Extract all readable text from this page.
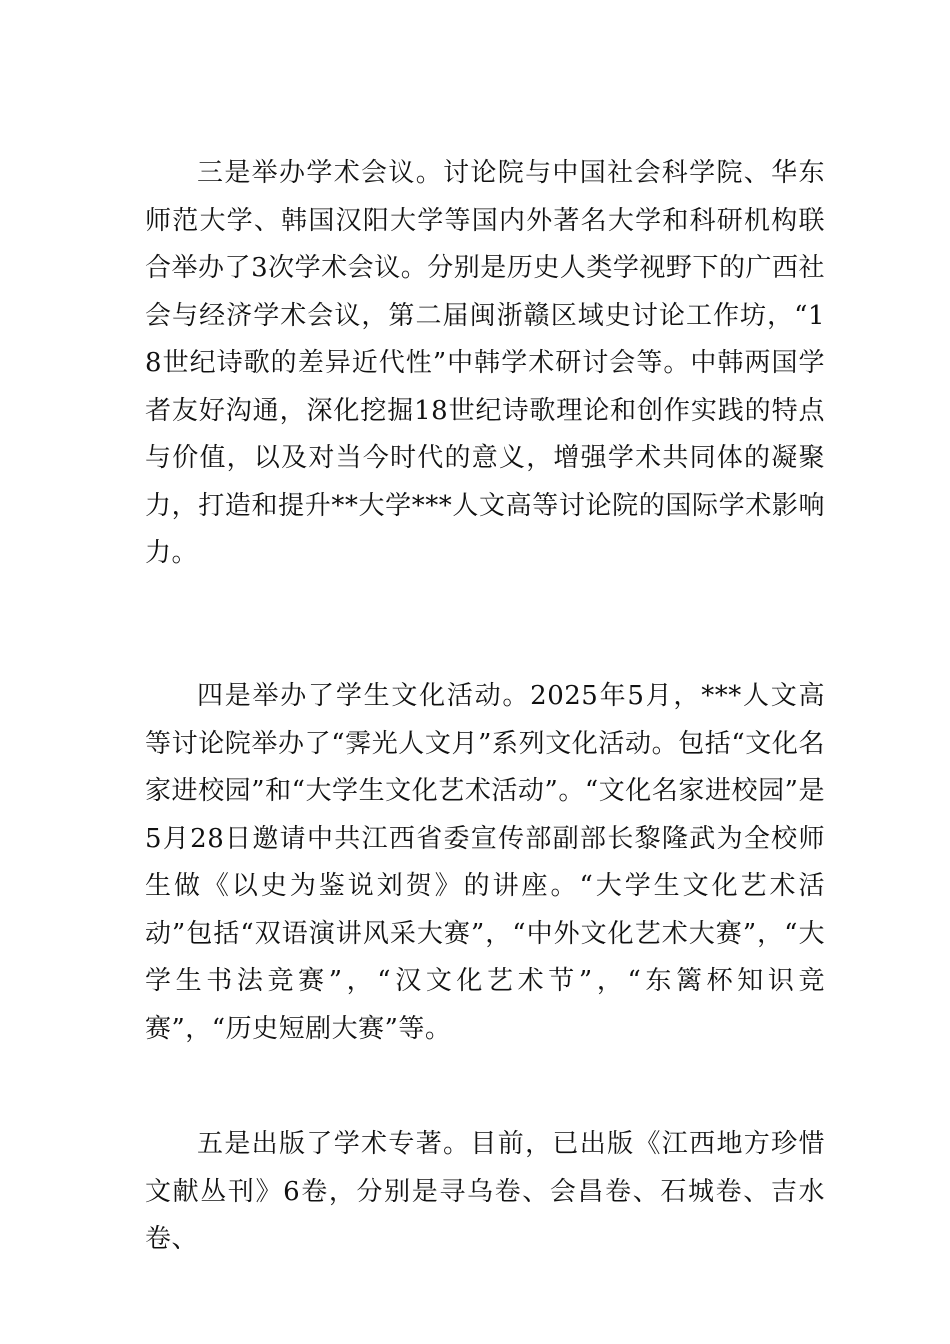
三是举办学术会议。讨论院与中国社会科学院、华东师范大学、韩国汉阳大学等国内外著名大学和科研机构联合举办了3次学术会议。分别是历史人类学视野下的广西社会与经济学术会议，第二届闽浙赣区域史讨论工作坊，“18世纪诗歌的差异近代性”中韩学术研讨会等。中韩两国学者友好沟通，深化挖掘18世纪诗歌理论和创作实践的特点与价值，以及对当今时代的意义，增强学术共同体的凝聚力，打造和提升**大学***人文高等讨论院的国际学术影响力。

四是举办了学生文化活动。2025年5月，***人文高等讨论院举办了“霁光人文月”系列文化活动。包括“文化名家进校园”和“大学生文化艺术活动”。“文化名家进校园”是5月28日邀请中共江西省委宣传部副部长黎隆武为全校师生做《以史为鉴说刘贺》的讲座。“大学生文化艺术活动”包括“双语演讲风采大赛”，“中外文化艺术大赛”，“大学生书法竞赛”，“汉文化艺术节”，“东篱杯知识竞赛”，“历史短剧大赛”等。

五是出版了学术专著。目前，已出版《江西地方珍惜文献丛刊》6卷，分别是寻乌卷、会昌卷、石城卷、吉水卷、
